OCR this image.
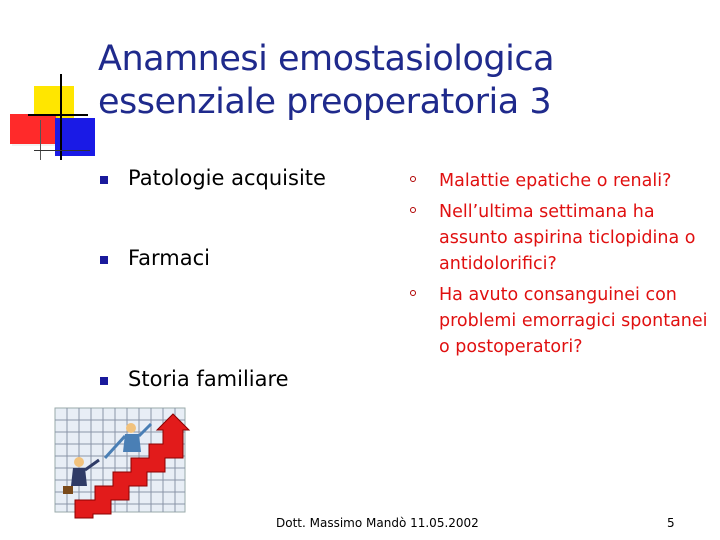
Anamnesi emostasiologica
essenziale preoperatoria 3
Patologie acquisite
Farmaci
Storia familiare
Malattie epatiche o renali?
Nell’ultima settimana ha assunto aspirina ticlopidina o antidolorifici?
Ha avuto consanguinei con problemi emorragici spontanei o postoperatori?
Dott. Massimo Mandò 11.05.2002	5
